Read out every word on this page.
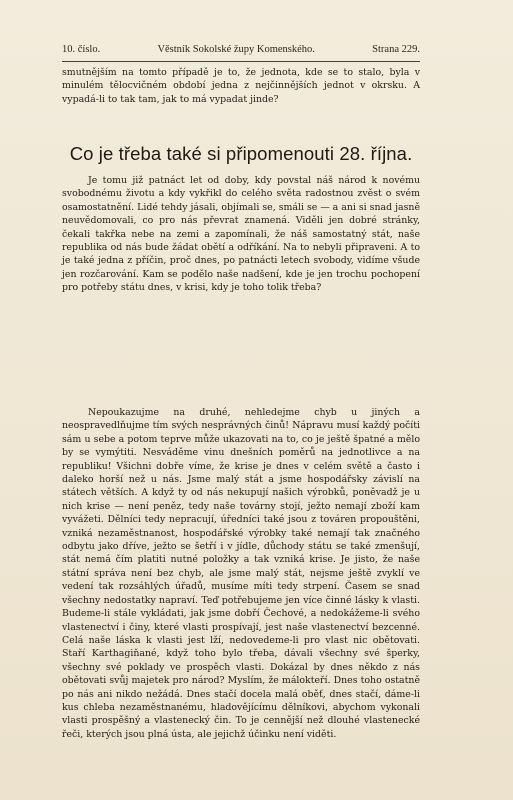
10. číslo.	Věstník Sokolské župy Komenského.	Strana 229.

smutnějším na tomto případě je to, že jednota, kde se to stalo, byla v minulém tělocvičném období jedna z nejčinnějších jednot v okrsku. A vypadá-li to tak tam, jak to má vypadat jinde?

Co je třeba také si připomenouti 28. října.

Je tomu již patnáct let od doby, kdy povstal náš národ k novému svobodnému životu a kdy vykřikl do celého světa radostnou zvěst o svém osamostatnění. Lidé tehdy jásali, objímali se, smáli se — a ani si snad jasně neuvědomovali, co pro nás převrat znamená. Viděli jen dobré stránky, čekali takřka nebe na zemi a zapomínali, že náš samostatný stát, naše republika od nás bude žádat obětí a odříkání. Na to nebyli připraveni. A to je také jedna z příčin, proč dnes, po patnácti letech svobody, vidíme všude jen rozčarování. Kam se podělo naše nadšení, kde je jen trochu pochopení pro potřeby státu dnes, v krisi, kdy je toho tolik třeba?

Nepoukazujme na druhé, nehledejme chyb u jiných a neospravedlňujme tím svých nesprávných činů! Nápravu musí každý počíti sám u sebe a potom teprve může ukazovati na to, co je ještě špatné a mělo by se vymýtiti. Nesváděme vinu dnešních poměrů na jednotlivce a na republiku! Všichni dobře víme, že krise je dnes v celém světě a často i daleko horší než u nás. Jsme malý stát a jsme hospodářsky závislí na státech větších. A když ty od nás nekupují našich výrobků, poněvadž je u nich krise — není peněz, tedy naše továrny stojí, ježto nemají zboží kam vyvážeti. Dělníci tedy nepracují, úředníci také jsou z továren propouštěni, vzniká nezaměstnanost, hospodářské výrobky také nemají tak značného odbytu jako dříve, ježto se šetří i v jídle, důchody státu se také zmenšují, stát nemá čím platiti nutné položky a tak vzniká krise. Je jisto, že naše státní správa není bez chyb, ale jsme malý stát, nejsme ještě zvyklí ve vedení tak rozsáhlých úřadů, musíme míti tedy strpení. Časem se snad všechny nedostatky napraví. Teď potřebujeme jen více činné lásky k vlasti. Budeme-li stále vykládati, jak jsme dobří Čechové, a nedokážeme-li svého vlastenectví i činy, které vlasti prospívají, jest naše vlastenectví bezcenné. Celá naše láska k vlasti jest lží, nedovedeme-li pro vlast nic obětovati. Staří Karthagiňané, když toho bylo třeba, dávali všechny své šperky, všechny své poklady ve prospěch vlasti. Dokázal by dnes někdo z nás obětovati svůj majetek pro národ? Myslím, že málokteří. Dnes toho ostatně po nás ani nikdo nežádá. Dnes stačí docela malá oběť, dnes stačí, dáme-li kus chleba nezaměstnanému, hladovějícímu dělníkovi, abychom vykonali vlasti prospěšný a vlastenecký čin. To je cennější než dlouhé vlastenecké řeči, kterých jsou plná ústa, ale jejichž účinku není viděti.
